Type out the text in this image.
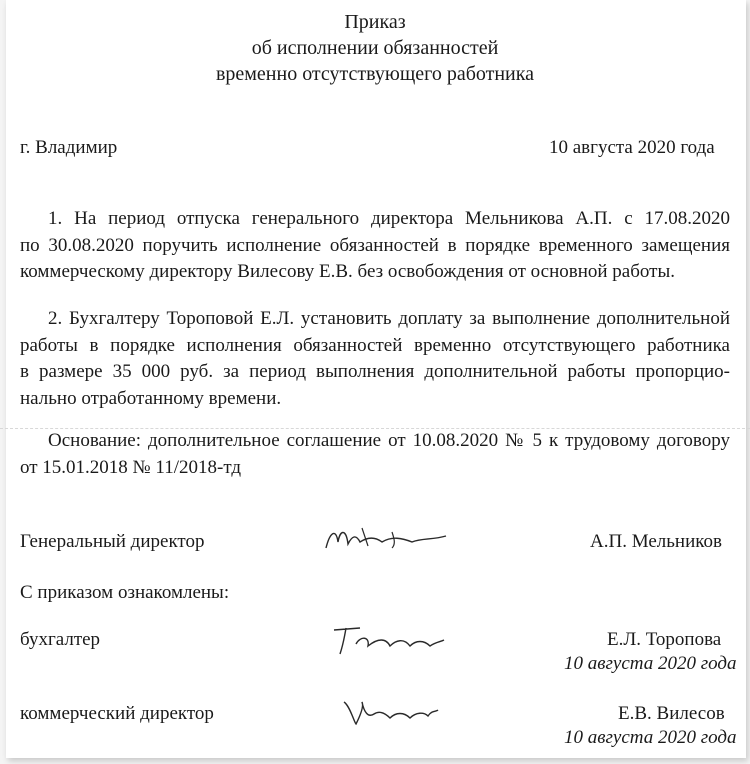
Приказ
об исполнении обязанностей
временно отсутствующего работника
г. Владимир	10 августа 2020 года
1. На период отпуска генерального директора Мельникова А.П. с 17.08.2020
по 30.08.2020 поручить исполнение обязанностей в порядке временного замещения
коммерческому директору Вилесову Е.В. без освобождения от основной работы.
2. Бухгалтеру Тороповой Е.Л. установить доплату за выполнение дополнительной
работы в порядке исполнения обязанностей временно отсутствующего работника
в размере 35 000 руб. за период выполнения дополнительной работы пропорцио-
нально отработанному времени.
Основание: дополнительное соглашение от 10.08.2020 № 5 к трудовому договору
от 15.01.2018 № 11/2018-тд
Генеральный директор	А.П. Мельников
С приказом ознакомлены:
бухгалтер	Е.Л. Торопова
10 августа 2020 года
коммерческий директор	Е.В. Вилесов
10 августа 2020 года
